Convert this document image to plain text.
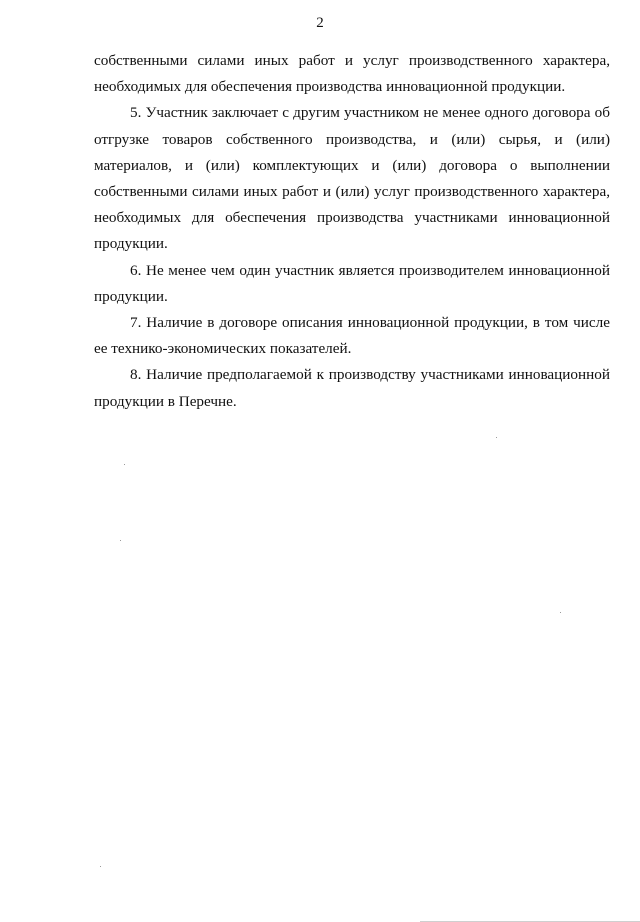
2

собственными силами иных работ и услуг производственного характера, необходимых для обеспечения производства инновационной продукции.

5. Участник заключает с другим участником не менее одного договора об отгрузке товаров собственного производства, и (или) сырья, и (или) материалов, и (или) комплектующих и (или) договора о выполнении собственными силами иных работ и (или) услуг производственного характера, необходимых для обеспечения производства участниками инновационной продукции.

6. Не менее чем один участник является производителем инновационной продукции.

7. Наличие в договоре описания инновационной продукции, в том числе ее технико-экономических показателей.

8. Наличие предполагаемой к производству участниками инновационной продукции в Перечне.
